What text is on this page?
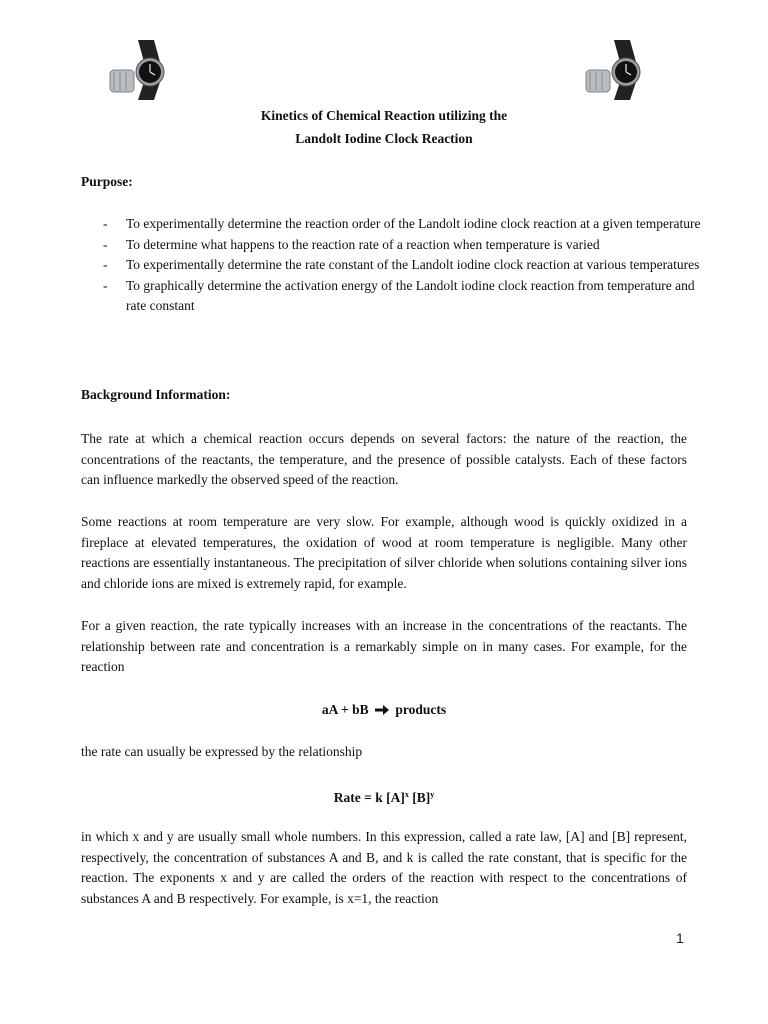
Kinetics of Chemical Reaction utilizing the
Landolt Iodine Clock Reaction
Purpose:
- To experimentally determine the reaction order of the Landolt iodine clock reaction at a given temperature
- To determine what happens to the reaction rate of a reaction when temperature is varied
- To experimentally determine the rate constant of the Landolt iodine clock reaction at various temperatures
- To graphically determine the activation energy of the Landolt iodine clock reaction from temperature and rate constant
Background Information:

The rate at which a chemical reaction occurs depends on several factors: the nature of the reaction, the concentrations of the reactants, the temperature, and the presence of possible catalysts. Each of these factors can influence markedly the observed speed of the reaction.

Some reactions at room temperature are very slow. For example, although wood is quickly oxidized in a fireplace at elevated temperatures, the oxidation of wood at room temperature is negligible. Many other reactions are essentially instantaneous. The precipitation of silver chloride when solutions containing silver ions and chloride ions are mixed is extremely rapid, for example.

For a given reaction, the rate typically increases with an increase in the concentrations of the reactants. The relationship between rate and concentration is a remarkably simple on in many cases. For example, for the reaction

aA + bB products

the rate can usually be expressed by the relationship

Rate = k $[A]^x$ $[B]^y$

in which x and y are usually small whole numbers. In this expression, called a rate law, [A] and [B] represent, respectively, the concentration of substances A and B, and k is called the rate constant, that is specific for the reaction. The exponents x and y are called the orders of the reaction with respect to the concentrations of substances A and B respectively. For example, is x=1, the reaction

1
